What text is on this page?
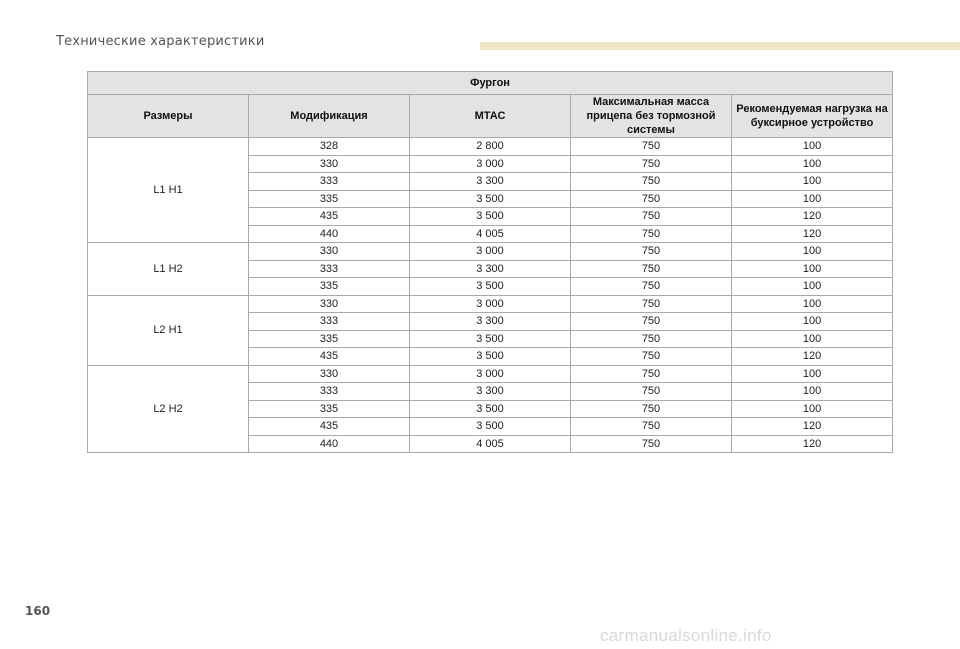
Технические характеристики
Фургон				
Размеры	Модификация	МТАС	Максимальная масса прицепа без тормозной системы	Рекомендуемая нагрузка на буксирное устройство
L1 H1	328	2 800	750	100
	330	3 000	750	100
	333	3 300	750	100
	335	3 500	750	100
	435	3 500	750	120
	440	4 005	750	120
L1 H2	330	3 000	750	100
	333	3 300	750	100
	335	3 500	750	100
L2 H1	330	3 000	750	100
	333	3 300	750	100
	335	3 500	750	100
	435	3 500	750	120
L2 H2	330	3 000	750	100
	333	3 300	750	100
	335	3 500	750	100
	435	3 500	750	120
	440	4 005	750	120
160
carmanualsonline.info
